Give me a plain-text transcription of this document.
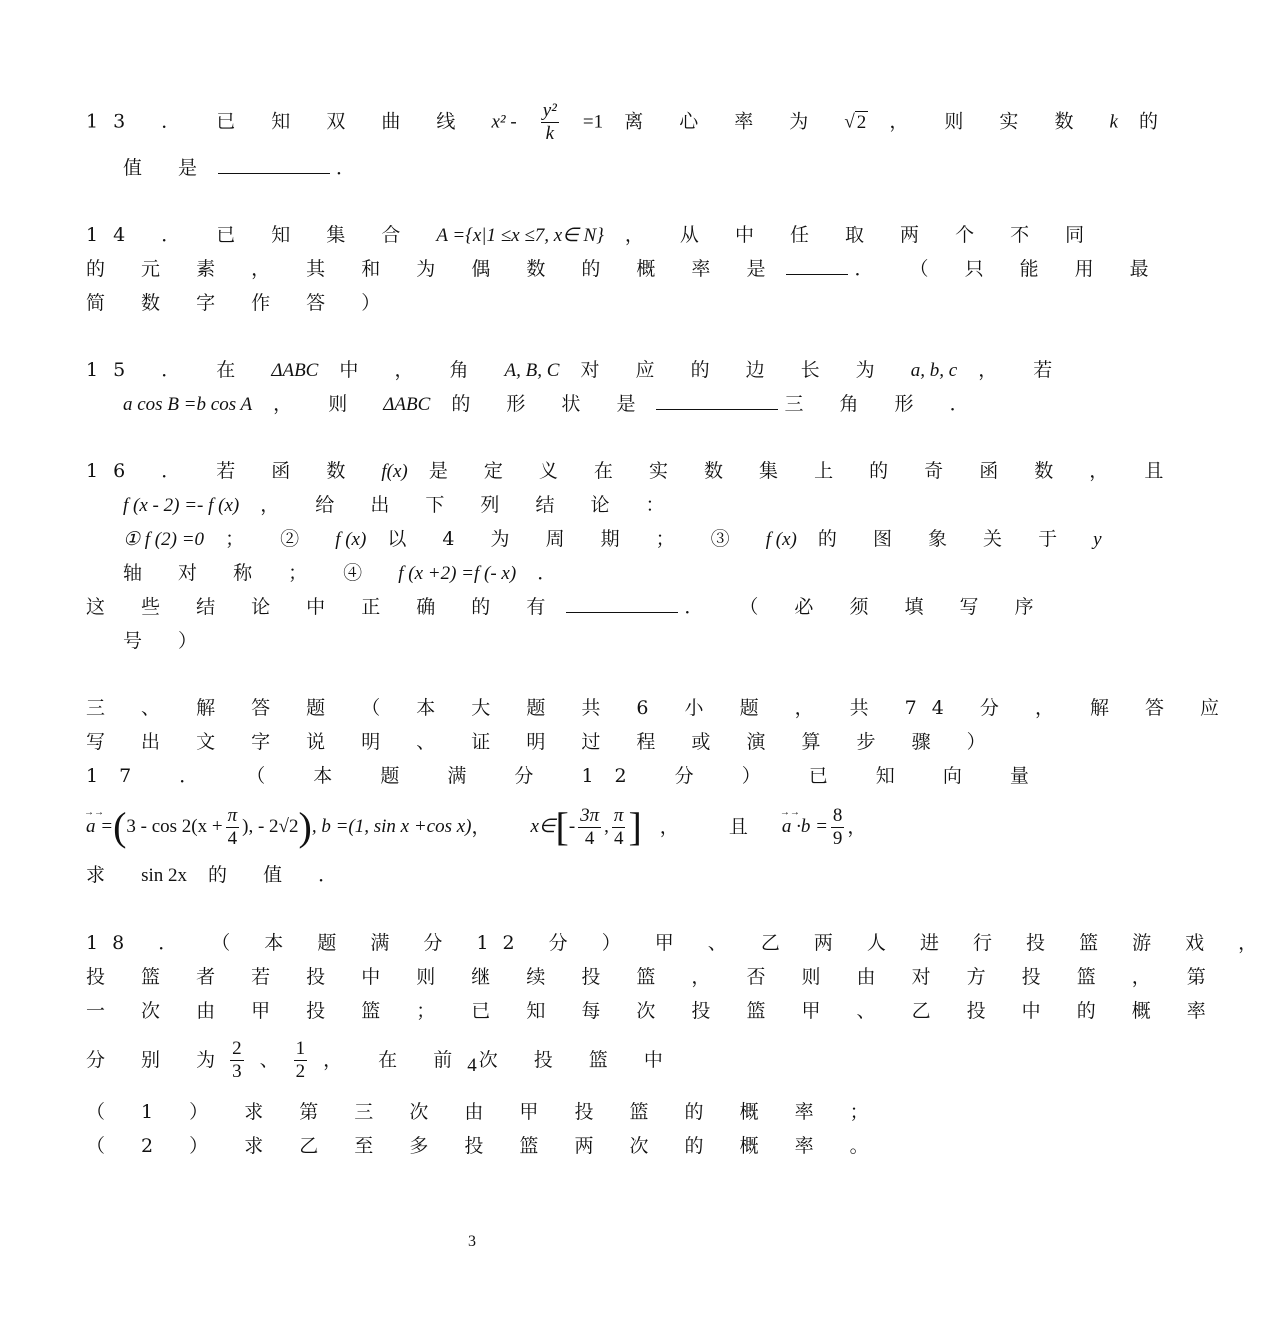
13 ． 已 知 双 曲 线 $x^2 - \frac{\text{y²}}{k} =1$ 离 心 率 为 √ 2 ， 则 实 数 k 的
值 是	．
14 ． 已 知 集 合 A ={x|1 ≤x ≤7, x∈ N} ， 从 中 任 取 两 个 不 同
的 元 素 ， 其 和 为 偶 数 的 概 率 是	． （ 只 能 用 最
简 数 字 作 答 ）
15 ． 在 ΔABC 中 ， 角 A, B, C 对 应 的 边 长 为 a, b, c ， 若
a cos B =b cos A ， 则 ΔABC 的 形 状 是	三 角 形 ．
16 ． 若 函 数 f(x) 是 定 义 在 实 数 集 上 的 奇 函 数 ， 且
f (x - 2) =- f (x) ， 给 出 下 列 结 论 ：
① f (2) =0 ； ② f (x) 以 4 为 周 期 ； ③ f (x) 的 图 象 关 于 y
轴 对 称 ； ④ f (x +2) =f (- x) ．
这 些 结 论 中 正 确 的 有	． （ 必 须 填 写 序
号 ）
三 、 解 答 题 （ 本 大 题 共 6 小 题 ， 共 74 分 ， 解 答 应
写 出 文 字 说 明 、 证 明 过 程 或 演 算 步 骤 ）
17 ． （ 本 题 满 分 12 分 ） 已 知 向 量
→→ a = ( $3 - \cos 2(x + \frac{\pi}{4}$ ), - 2√2 ) , b =(1, sin x +cos x) ， x∈ [ - $\frac{3\pi}{4}$ , $\frac{\pi}{4}$ ] ， 且
→→ $a \cdot b = \frac{8}{9}$ ，
求 sin 2x 的 值 ．
18 ． （ 本 题 满 分 12 分 ） 甲 、 乙 两 人 进 行 投 篮 游 戏 ，
投 篮 者 若 投 中 则 继 续 投 篮 ， 否 则 由 对 方 投 篮 ， 第
一 次 由 甲 投 篮 ； 已 知 每 次 投 篮 甲 、 乙 投 中 的 概 率
分 别 为 $\frac{2}{3}$ 、 $\frac{1}{2}$ ， 在 前 4 次 投 篮 中
（ 1 ） 求 第 三 次 由 甲 投 篮 的 概 率 ；
（ 2 ） 求 乙 至 多 投 篮 两 次 的 概 率 。
3
